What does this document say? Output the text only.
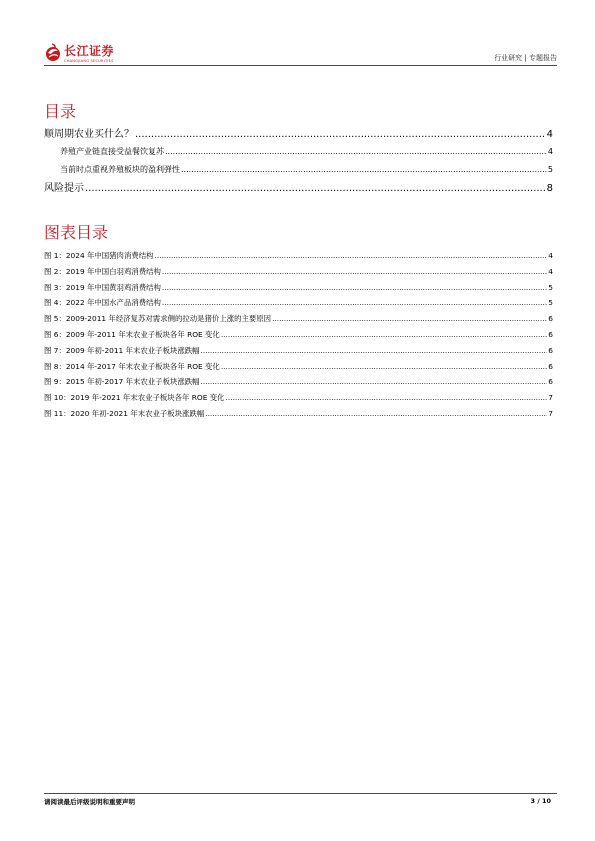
长江证券
CHANGJIANG SECURITIES	行业研究 | 专题报告
目录
顺周期农业买什么？ .....	4
养殖产业链直接受益餐饮复苏 .....	4
当前时点重视养殖板块的盈利弹性 .....	5
风险提示 .....	8
图表目录
图 1：2024 年中国猪肉消费结构 .....	4
图 2：2019 年中国白羽鸡消费结构 .....	4
图 3：2019 年中国黄羽鸡消费结构 .....	5
图 4：2022 年中国水产品消费结构 .....	5
图 5：2009-2011 年经济复苏对需求侧的拉动是猪价上涨的主要原因 .....	6
图 6：2009 年-2011 年末农业子板块各年 ROE 变化 .....	6
图 7：2009 年初-2011 年末农业子板块涨跌幅 .....	6
图 8：2014 年-2017 年末农业子板块各年 ROE 变化 .....	6
图 9：2015 年初-2017 年末农业子板块涨跌幅 .....	6
图 10：2019 年-2021 年末农业子板块各年 ROE 变化 .....	7
图 11：2020 年初-2021 年末农业子板块涨跌幅 .....	7
请阅读最后评级说明和重要声明	3 / 10
